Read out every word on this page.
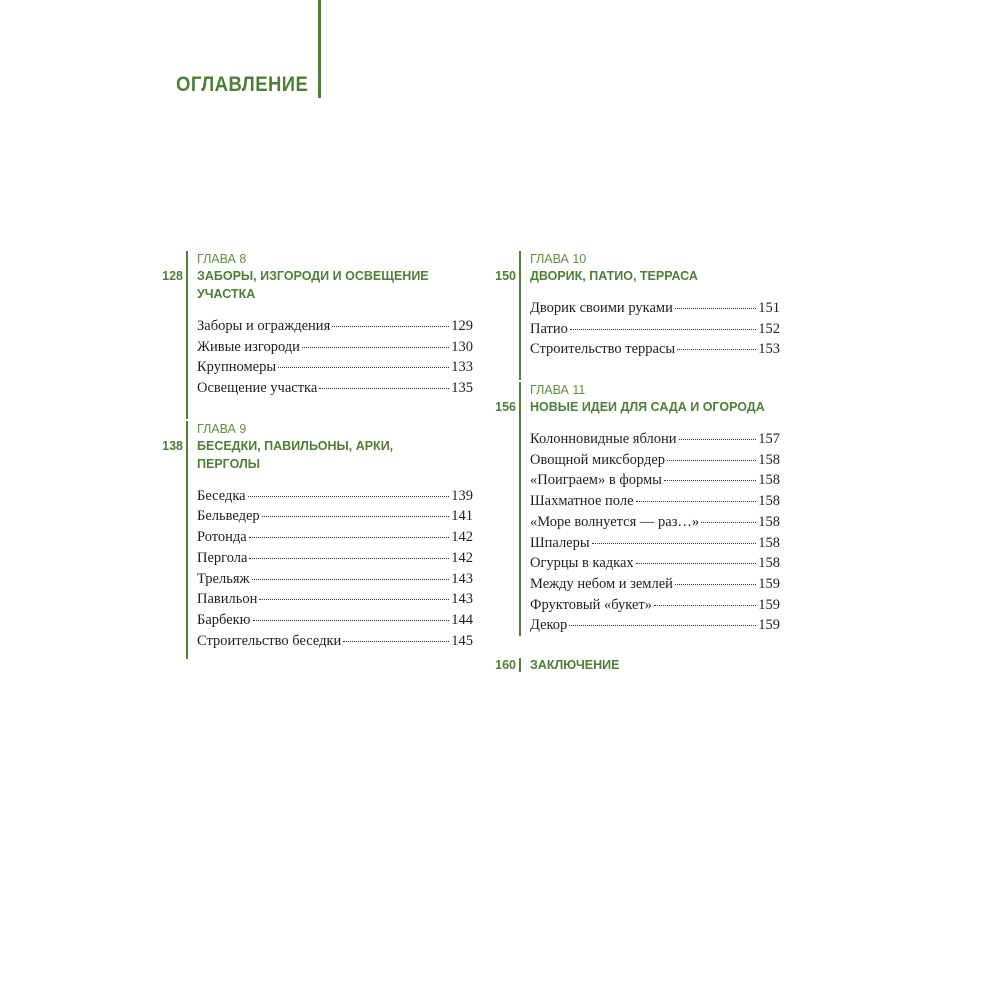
ОГЛАВЛЕНИЕ
ГЛАВА 8
128 ЗАБОРЫ, ИЗГОРОДИ И ОСВЕЩЕНИЕ
УЧАСТКА
Заборы и ограждения	129
Живые изгороди	130
Крупномеры	133
Освещение участка	135
ГЛАВА 9
138 БЕСЕДКИ, ПАВИЛЬОНЫ, АРКИ,
ПЕРГОЛЫ
Беседка	139
Бельведер	141
Ротонда	142
Пергола	142
Трельяж	143
Павильон	143
Барбекю	144
Строительство беседки	145
ГЛАВА 10
150 ДВОРИК, ПАТИО, ТЕРРАСА
Дворик своими руками	151
Патио	152
Строительство террасы	153
ГЛАВА 11
156 НОВЫЕ ИДЕИ ДЛЯ САДА И ОГОРОДА
Колонновидные яблони	157
Овощной миксбордер	158
«Поиграем» в формы	158
Шахматное поле	158
«Море волнуется — раз…»	158
Шпалеры	158
Огурцы в кадках	158
Между небом и землей	159
Фруктовый «букет»	159
Декор	159
160 ЗАКЛЮЧЕНИЕ
